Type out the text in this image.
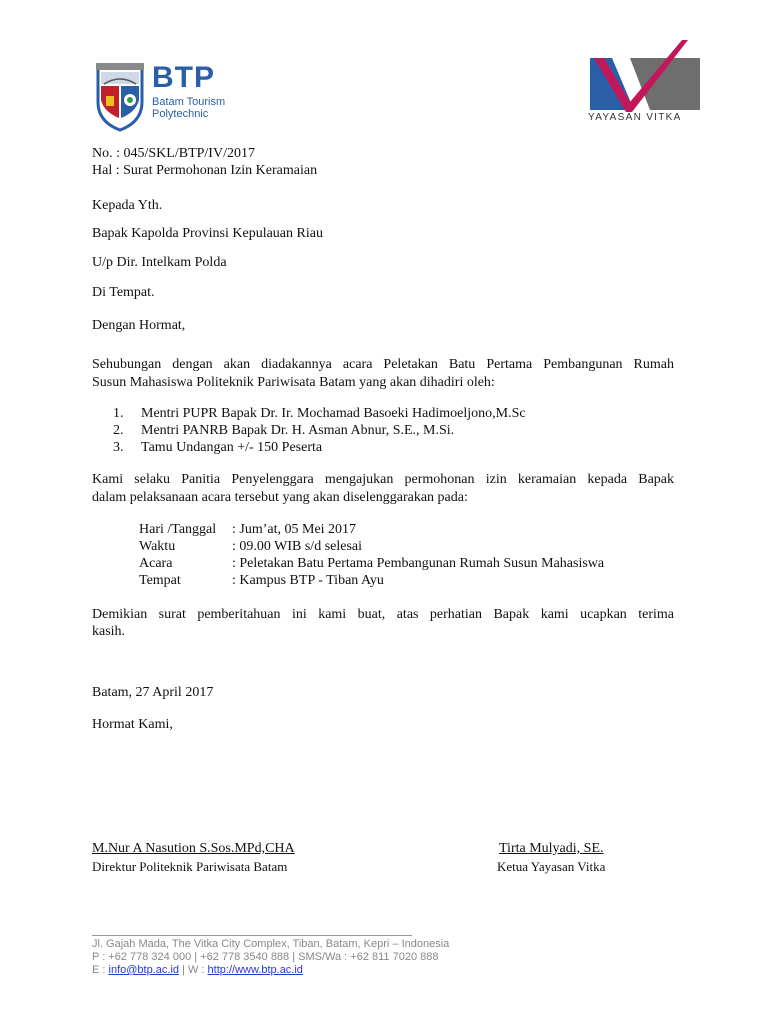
BTP
Batam Tourism
Polytechnic	YAYASAN VITKA
No. : 045/SKL/BTP/IV/2017
Hal : Surat Permohonan Izin Keramaian
Kepada Yth.
Bapak Kapolda Provinsi Kepulauan Riau
U/p Dir. Intelkam Polda
Di Tempat.
Dengan Hormat,
Sehubungan dengan akan diadakannya acara Peletakan Batu Pertama Pembangunan Rumah
Susun Mahasiswa Politeknik Pariwisata Batam yang akan dihadiri oleh:
1. Mentri PUPR Bapak Dr. Ir. Mochamad Basoeki Hadimoeljono,M.Sc
2. Mentri PANRB Bapak Dr. H. Asman Abnur, S.E., M.Si.
3. Tamu Undangan +/- 150 Peserta
Kami selaku Panitia Penyelenggara mengajukan permohonan izin keramaian kepada Bapak
dalam pelaksanaan acara tersebut yang akan diselenggarakan pada:
Hari /Tanggal : Jum’at, 05 Mei 2017
Waktu	: 09.00 WIB s/d selesai
Acara	: Peletakan Batu Pertama Pembangunan Rumah Susun Mahasiswa
Tempat	: Kampus BTP - Tiban Ayu
Demikian surat pemberitahuan ini kami buat, atas perhatian Bapak kami ucapkan terima
kasih.
Batam, 27 April 2017
Hormat Kami,
M.Nur A Nasution S.Sos.MPd,CHA
Direktur Politeknik Pariwisata Batam
Tirta Mulyadi, SE.
Ketua Yayasan Vitka
Jl. Gajah Mada, The Vitka City Complex, Tiban, Batam, Kepri – Indonesia
P : +62 778 324 000 | +62 778 3540 888 | SMS/Wa : +62 811 7020 888
E : info@btp.ac.id | W : http://www.btp.ac.id
